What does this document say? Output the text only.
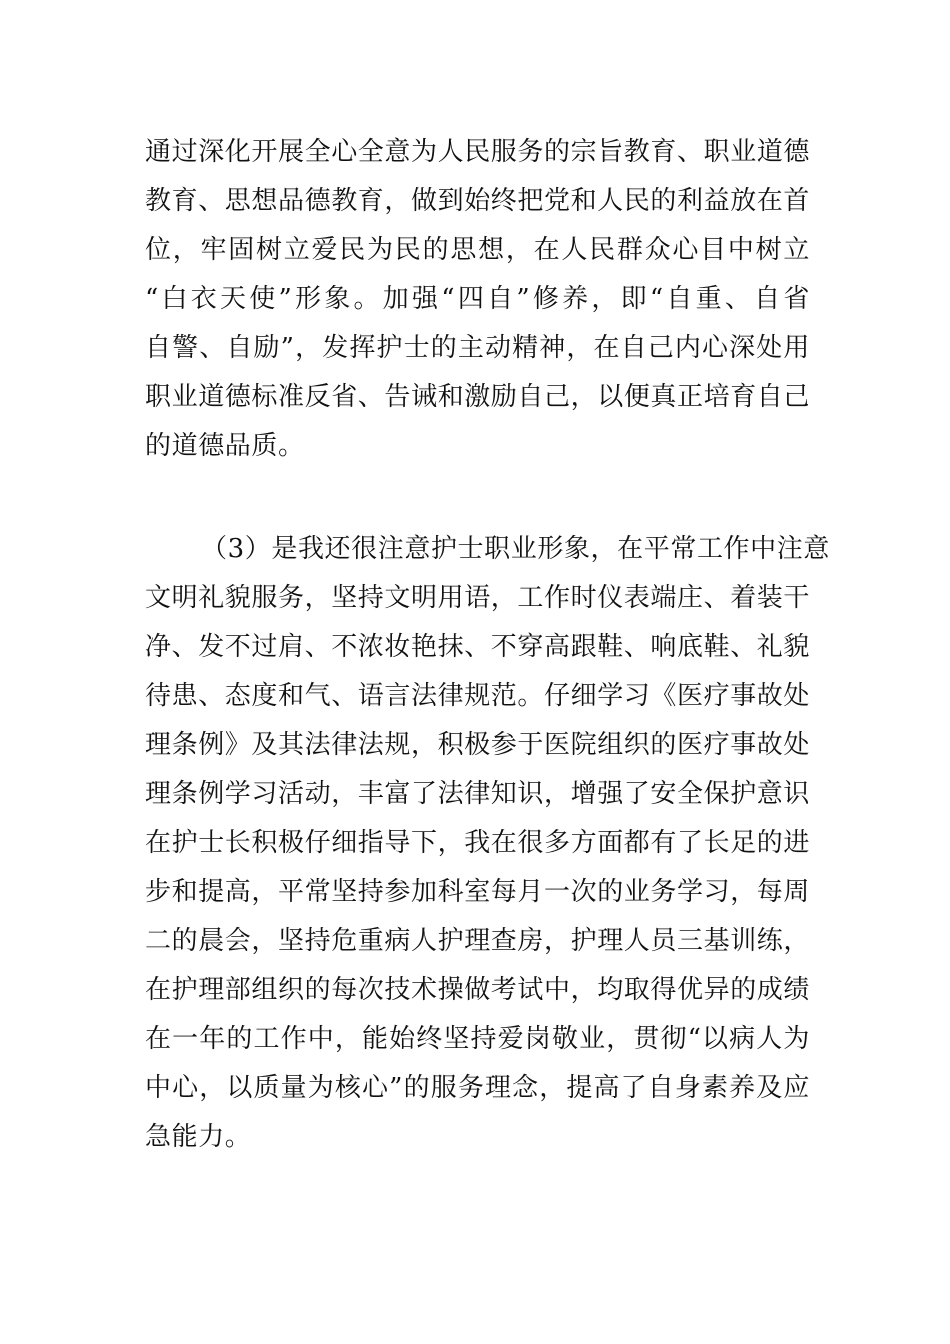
通过深化开展全心全意为人民服务的宗旨教育、职业道德
教育、思想品德教育，做到始终把党和人民的利益放在首
位，牢固树立爱民为民的思想，在人民群众心目中树立
“白衣天使”形象。加强“四自”修养，即“自重、自省
自警、自励”，发挥护士的主动精神，在自己内心深处用
职业道德标准反省、告诫和激励自己，以便真正培育自己
的道德品质。
（3）是我还很注意护士职业形象，在平常工作中注意
文明礼貌服务，坚持文明用语，工作时仪表端庄、着装干
净、发不过肩、不浓妆艳抹、不穿高跟鞋、响底鞋、礼貌
待患、态度和气、语言法律规范。仔细学习《医疗事故处
理条例》及其法律法规，积极参于医院组织的医疗事故处
理条例学习活动，丰富了法律知识，增强了安全保护意识
在护士长积极仔细指导下，我在很多方面都有了长足的进
步和提高，平常坚持参加科室每月一次的业务学习，每周
二的晨会，坚持危重病人护理查房，护理人员三基训练，
在护理部组织的每次技术操做考试中，均取得优异的成绩
在一年的工作中，能始终坚持爱岗敬业，贯彻“以病人为
中心，以质量为核心”的服务理念，提高了自身素养及应
急能力。
